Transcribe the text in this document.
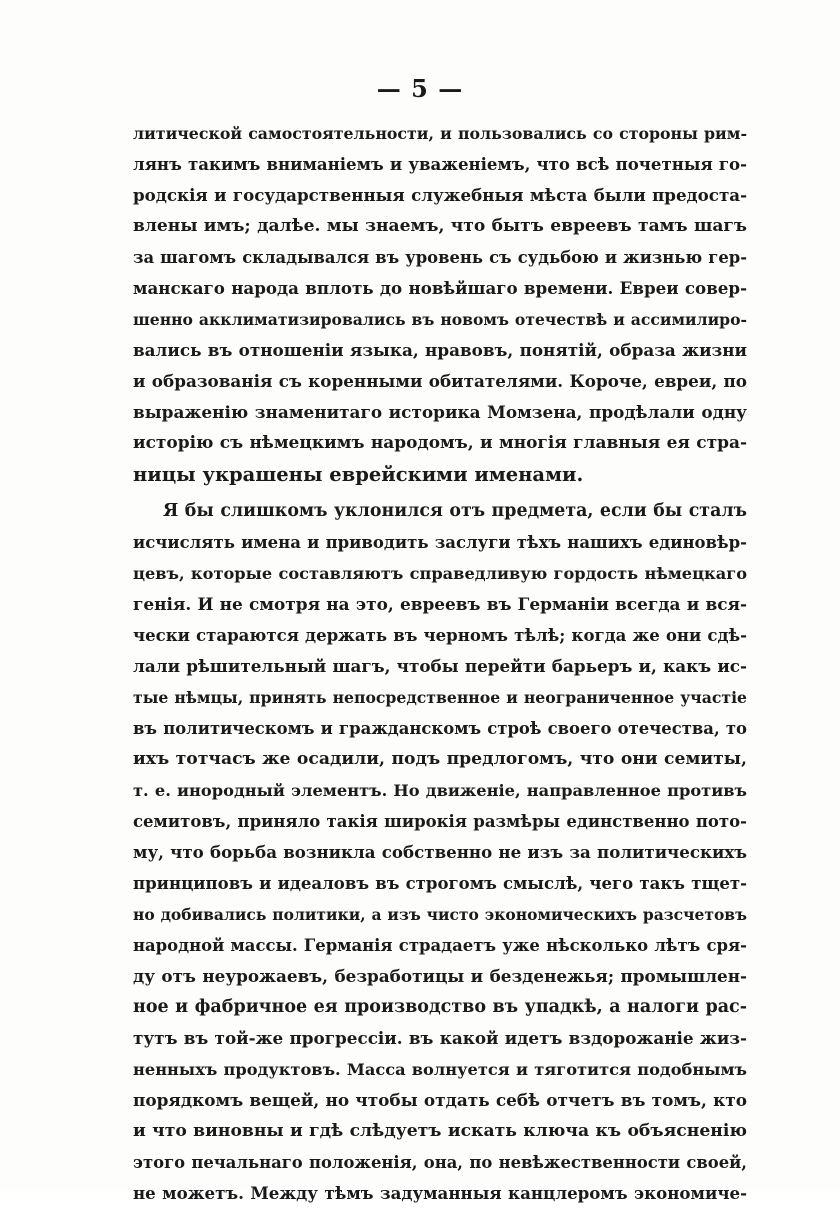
— 5 —
литической самостоятельности, и пользовались со стороны рим-
лянъ такимъ вниманіемъ и уваженіемъ, что всѣ почетныя го-
родскія и государственныя служебныя мѣста были предоста-
влены имъ; далѣе. мы знаемъ, что бытъ евреевъ тамъ шагъ
за шагомъ складывался въ уровень съ судьбою и жизнью гер-
манскаго народа вплоть до новѣйшаго времени. Евреи совер-
шенно акклиматизировались въ новомъ отечествѣ и ассимилиро-
вались въ отношеніи языка, нравовъ, понятій, образа жизни
и образованія съ коренными обитателями. Короче, евреи, по
выраженію знаменитаго историка Момзена, продѣлали одну
исторію съ нѣмецкимъ народомъ, и многія главныя ея стра-
ницы украшены еврейскими именами.
Я бы слишкомъ уклонился отъ предмета, если бы сталъ
исчислять имена и приводить заслуги тѣхъ нашихъ единовѣр-
цевъ, которые составляютъ справедливую гордость нѣмецкаго
генія. И не смотря на это, евреевъ въ Германіи всегда и вся-
чески стараются держать въ черномъ тѣлѣ; когда же они сдѣ-
лали рѣшительный шагъ, чтобы перейти барьеръ и, какъ ис-
тые нѣмцы, принять непосредственное и неограниченное участіе
въ политическомъ и гражданскомъ строѣ своего отечества, то
ихъ тотчасъ же осадили, подъ предлогомъ, что они семиты,
т. е. инородный элементъ. Но движеніе, направленное противъ
семитовъ, приняло такія широкія размѣры единственно пото-
му, что борьба возникла собственно не изъ за политическихъ
принциповъ и идеаловъ въ строгомъ смыслѣ, чего такъ тщет-
но добивались политики, а изъ чисто экономическихъ разсчетовъ
народной массы. Германія страдаетъ уже нѣсколько лѣтъ сря-
ду отъ неурожаевъ, безработицы и безденежья; промышлен-
ное и фабричное ея производство въ упадкѣ, а налоги рас-
тутъ въ той-же прогрессіи. въ какой идетъ вздорожаніе жиз-
ненныхъ продуктовъ. Масса волнуется и тяготится подобнымъ
порядкомъ вещей, но чтобы отдать себѣ отчетъ въ томъ, кто
и что виновны и гдѣ слѣдуетъ искать ключа къ объясненію
этого печальнаго положенія, она, по невѣжественности своей,
не можетъ. Между тѣмъ задуманныя канцлеромъ экономиче-
